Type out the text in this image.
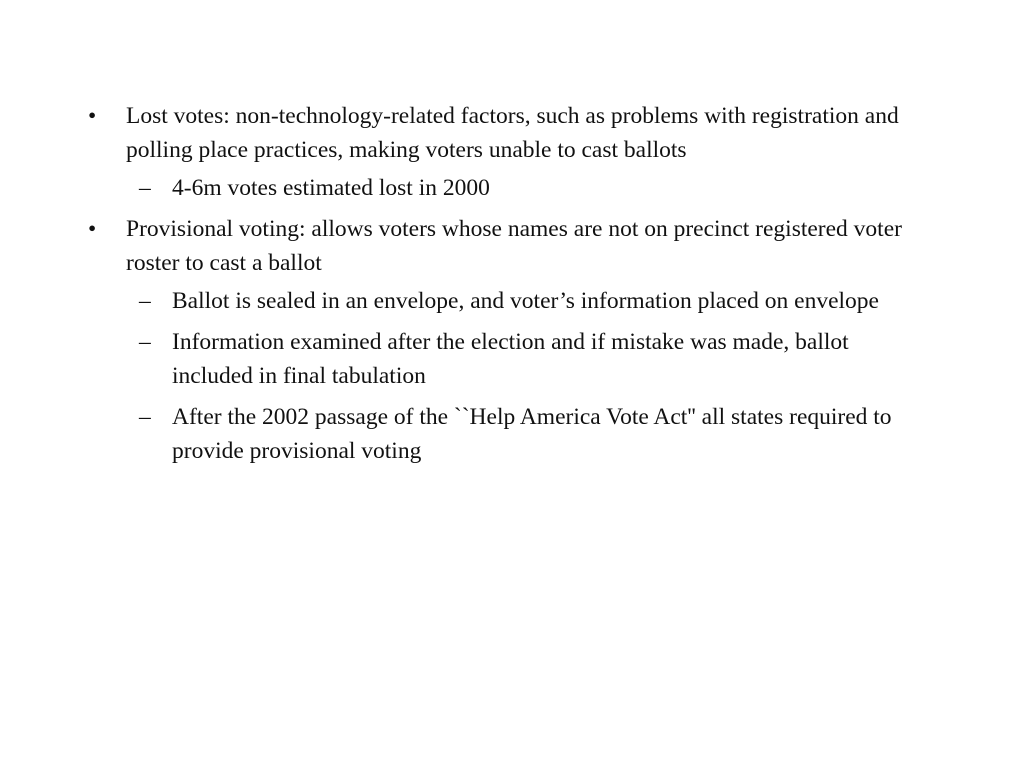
• Lost votes: non-technology-related factors, such as problems with registration and polling place practices, making voters unable to cast ballots
– 4-6m votes estimated lost in 2000
• Provisional voting: allows voters whose names are not on precinct registered voter roster to cast a ballot
– Ballot is sealed in an envelope, and voter’s information placed on envelope
– Information examined after the election and if mistake was made, ballot included in final tabulation
– After the 2002 passage of the ``Help America Vote Act'' all states required to provide provisional voting
